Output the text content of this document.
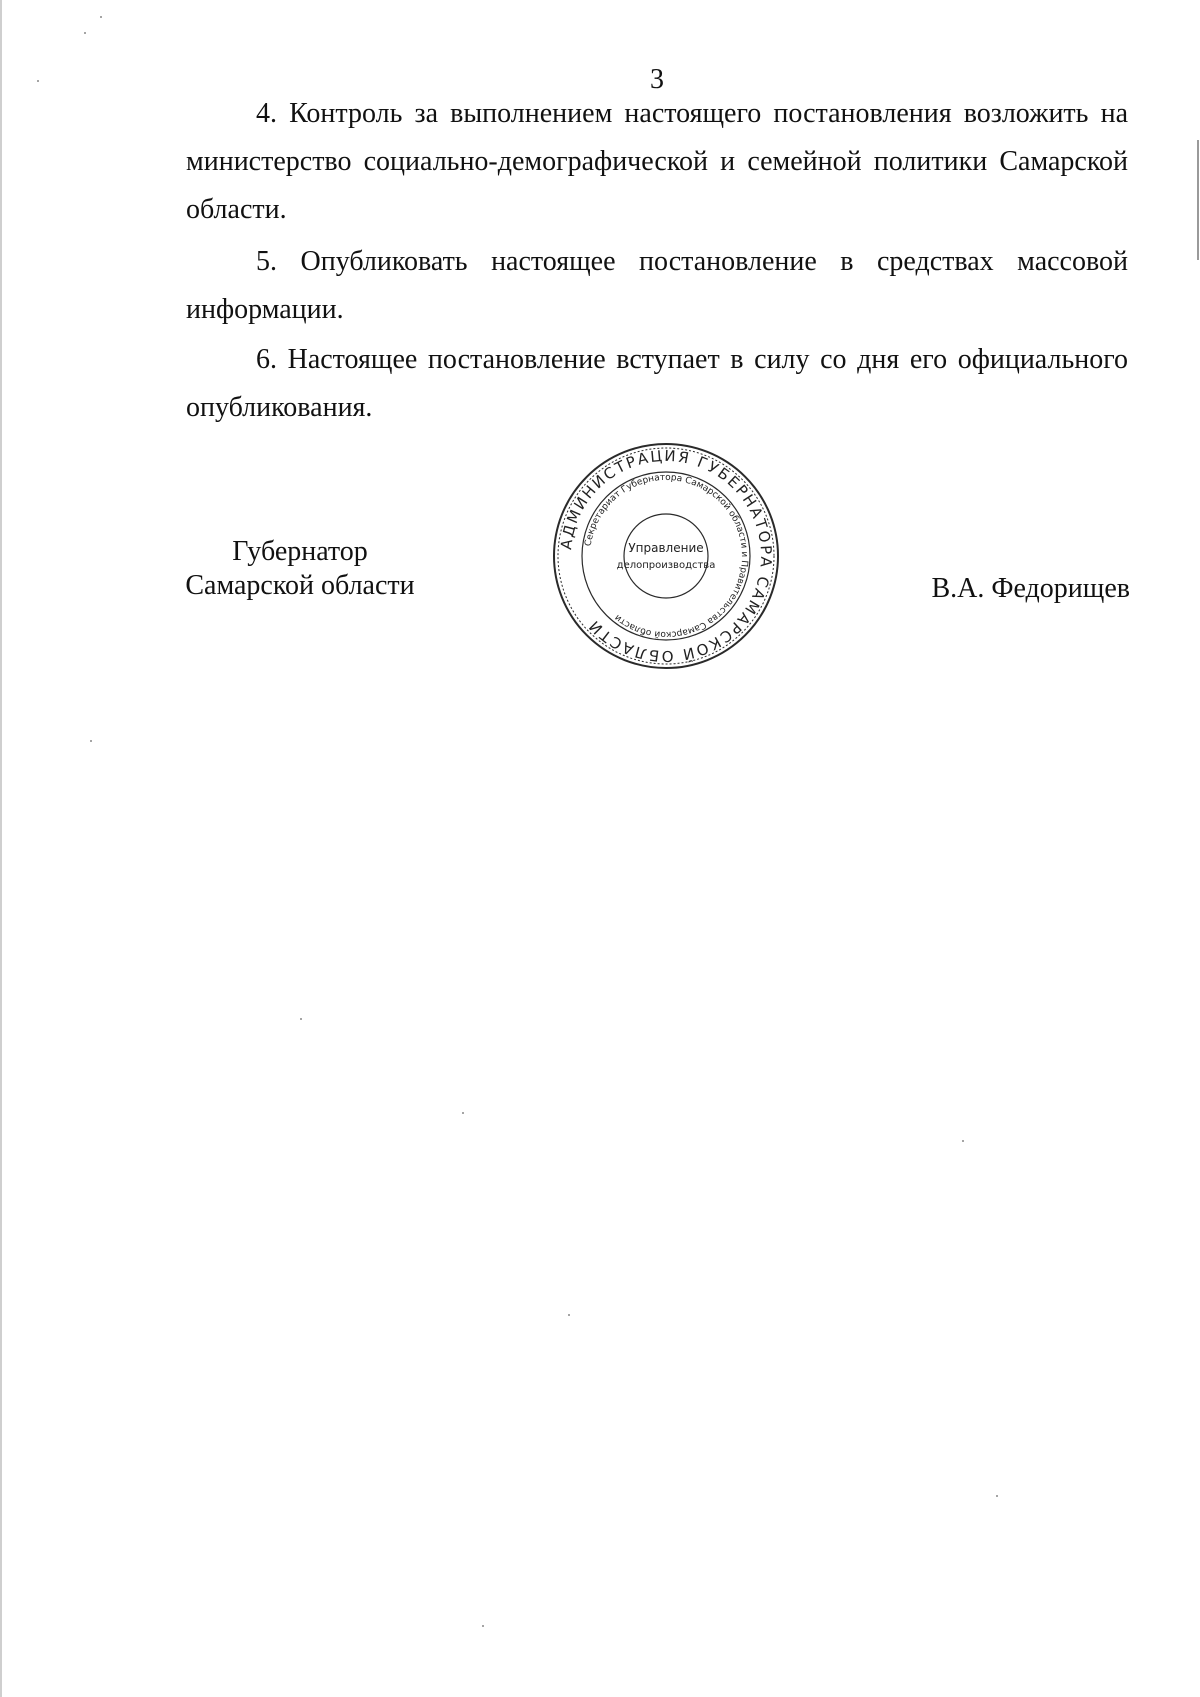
3

4. Контроль за выполнением настоящего постановления возложить на министерство социально-демографической и семейной политики Самарской области.

5. Опубликовать настоящее постановление в средствах массовой информации.

6. Настоящее постановление вступает в силу со дня его официального опубликования.

Губернатор
Самарской области
АДМИНИСТРАЦИЯ ГУБЕРНАТОРА САМАРСКОЙ ОБЛАСТИ
Секретариат Губернатора Самарской области и Правительства Самарской области
Управление
делопроизводства
В.А. Федорищев
